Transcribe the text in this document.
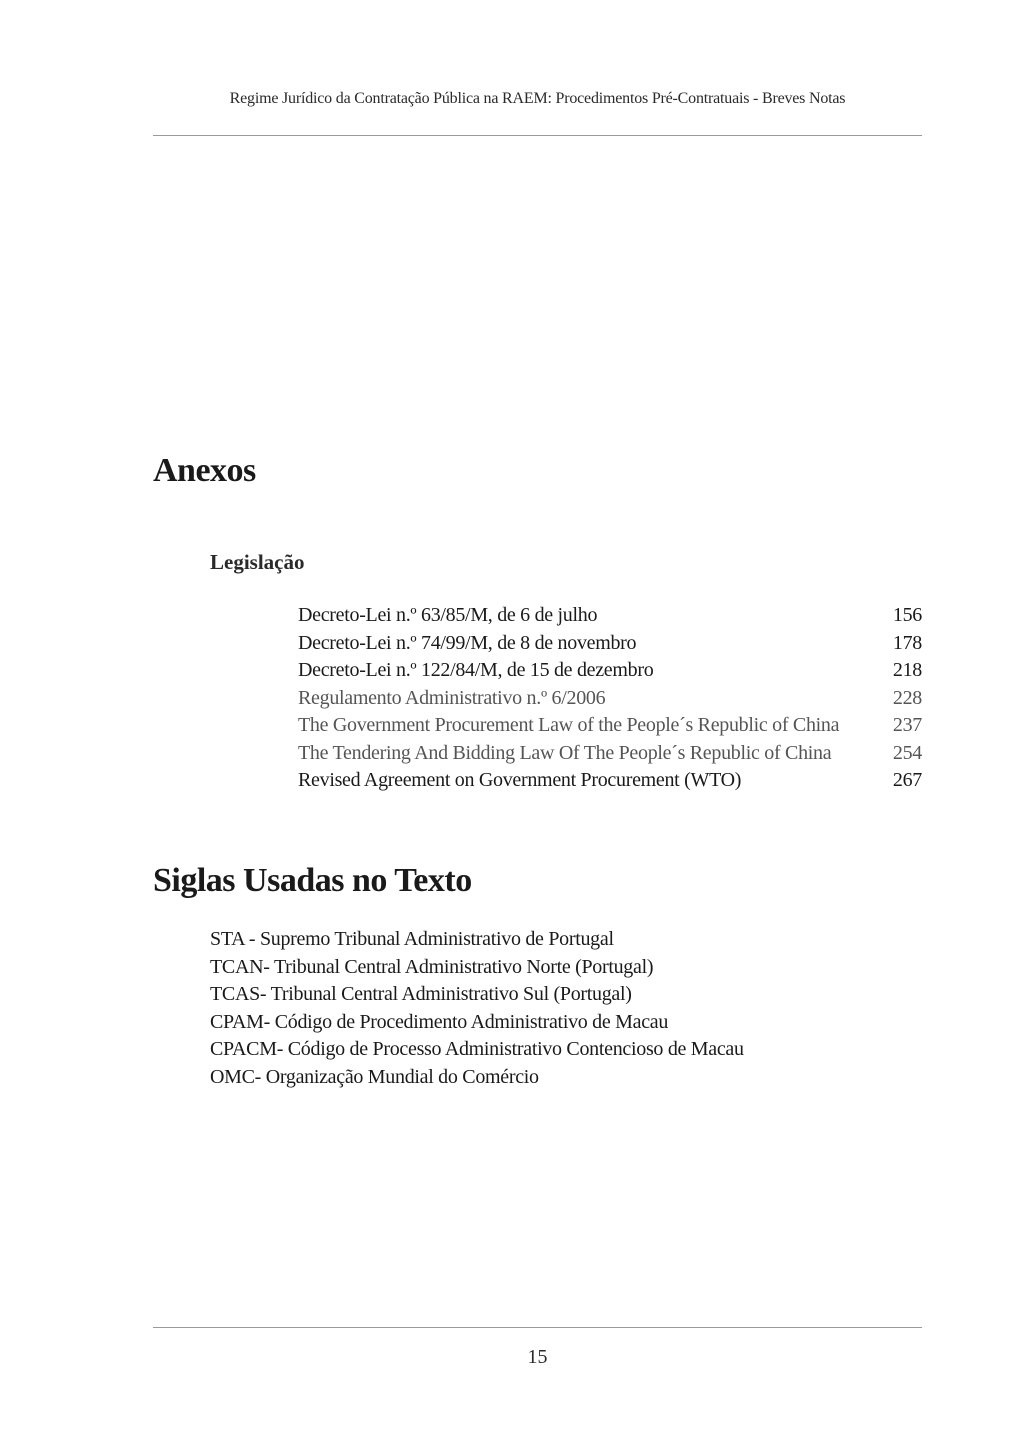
Regime Jurídico da Contratação Pública na RAEM: Procedimentos Pré-Contratuais - Breves Notas
Anexos
Legislação
Decreto-Lei n.º 63/85/M, de 6 de julho	156
Decreto-Lei n.º 74/99/M, de 8 de novembro	178
Decreto-Lei n.º 122/84/M, de 15 de dezembro	218
Regulamento Administrativo n.º 6/2006	228
The Government Procurement Law of the People´s Republic of China	237
The Tendering And Bidding Law Of The People´s Republic of China	254
Revised Agreement on Government Procurement (WTO)	267
Siglas Usadas no Texto
STA - Supremo Tribunal Administrativo de Portugal
TCAN- Tribunal Central Administrativo Norte (Portugal)
TCAS- Tribunal Central Administrativo Sul (Portugal)
CPAM- Código de Procedimento Administrativo de Macau
CPACM- Código de Processo Administrativo Contencioso de Macau
OMC- Organização Mundial do Comércio
15
